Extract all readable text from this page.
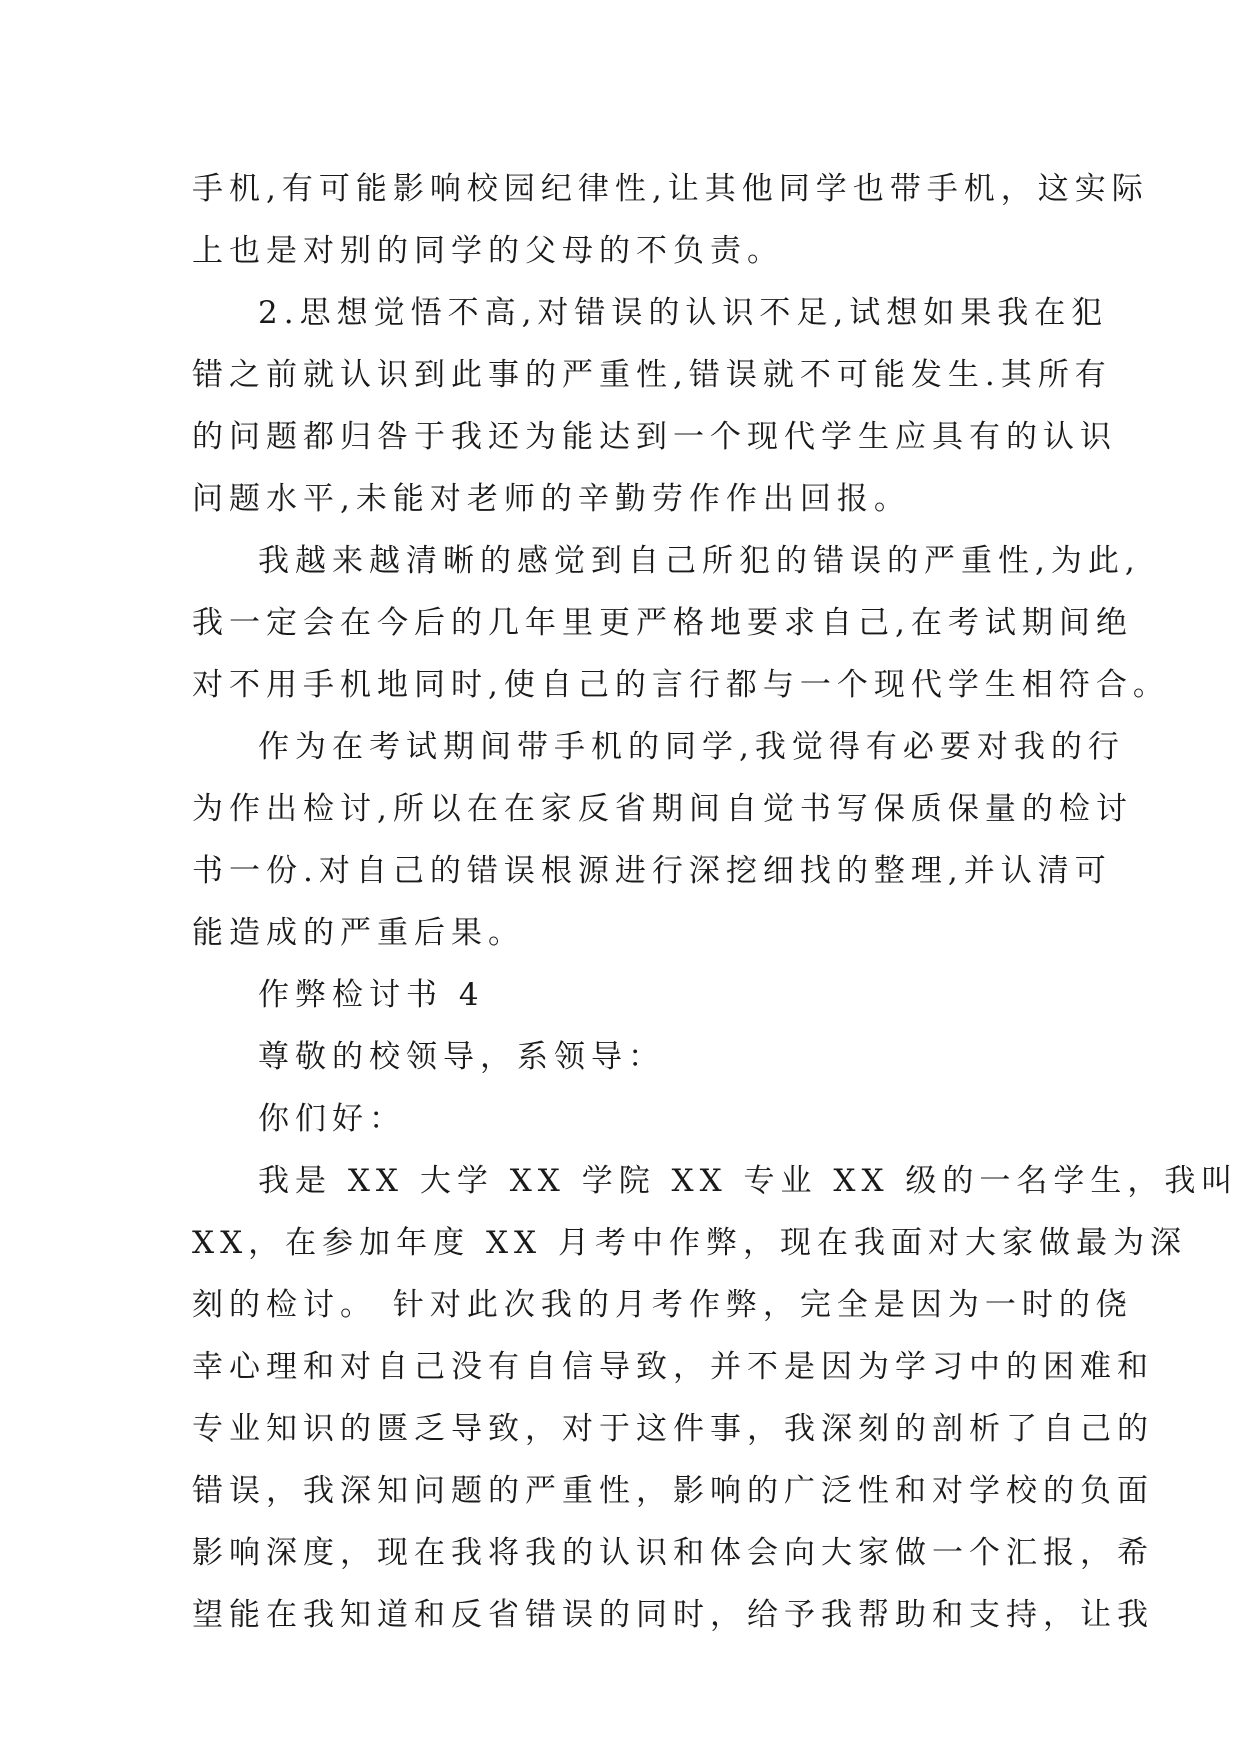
手机,有可能影响校园纪律性,让其他同学也带手机，这实际
上也是对别的同学的父母的不负责。
2.思想觉悟不高,对错误的认识不足,试想如果我在犯
错之前就认识到此事的严重性,错误就不可能发生.其所有
的问题都归咎于我还为能达到一个现代学生应具有的认识
问题水平,未能对老师的辛勤劳作作出回报。
我越来越清晰的感觉到自己所犯的错误的严重性,为此,
我一定会在今后的几年里更严格地要求自己,在考试期间绝
对不用手机地同时,使自己的言行都与一个现代学生相符合。
作为在考试期间带手机的同学,我觉得有必要对我的行
为作出检讨,所以在在家反省期间自觉书写保质保量的检讨
书一份.对自己的错误根源进行深挖细找的整理,并认清可
能造成的严重后果。
作弊检讨书 4
尊敬的校领导，系领导：
你们好：
我是 XX 大学 XX 学院 XX 专业 XX 级的一名学生，我叫
XX，在参加年度 XX 月考中作弊，现在我面对大家做最为深
刻的检讨。 针对此次我的月考作弊，完全是因为一时的侥
幸心理和对自己没有自信导致，并不是因为学习中的困难和
专业知识的匮乏导致，对于这件事，我深刻的剖析了自己的
错误，我深知问题的严重性，影响的广泛性和对学校的负面
影响深度，现在我将我的认识和体会向大家做一个汇报，希
望能在我知道和反省错误的同时，给予我帮助和支持，让我
